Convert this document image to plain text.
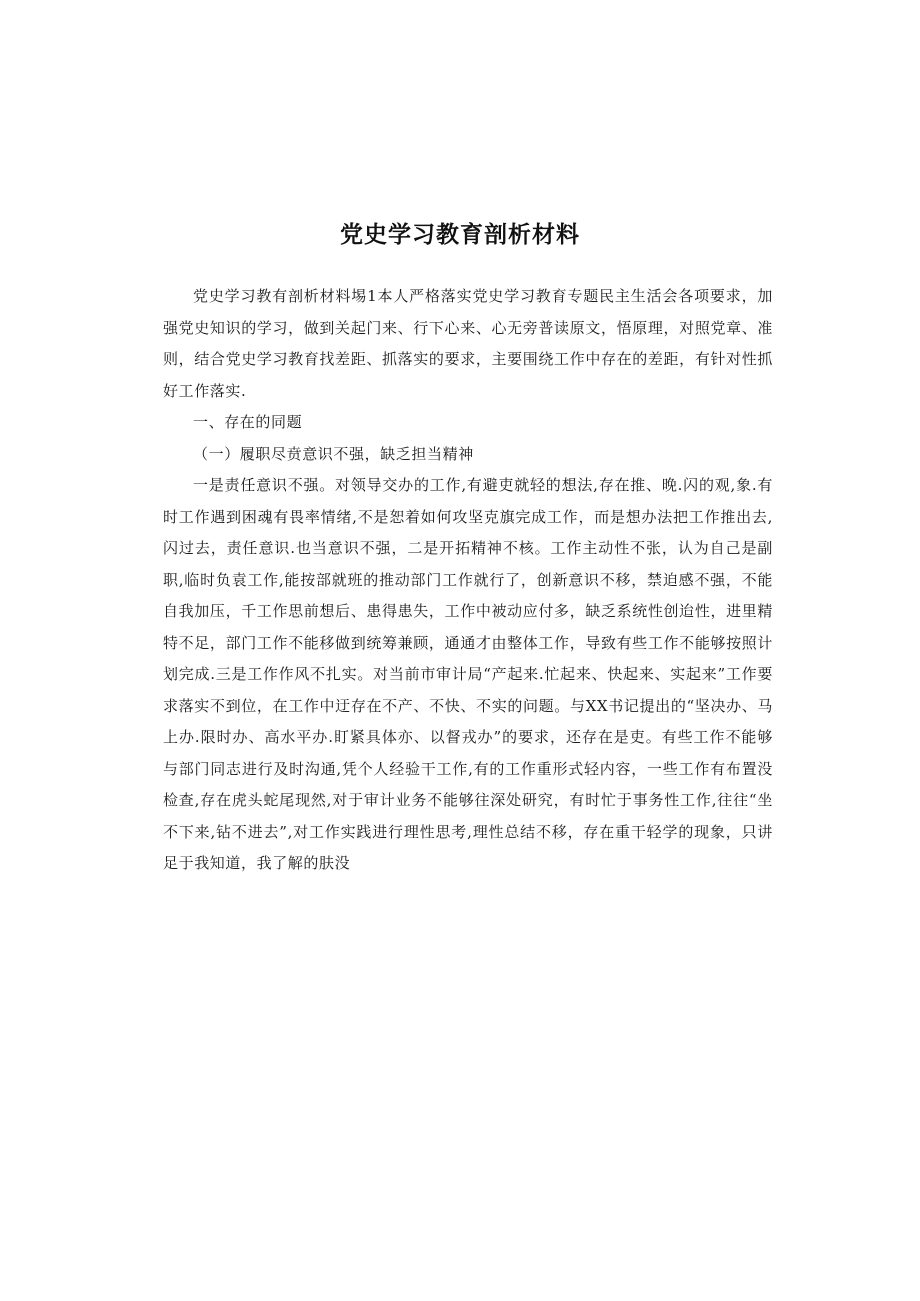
党史学习教育剖析材料

党史学习教有剖析材料埸1本人严格落实党史学习教育专题民主生活会各项要求，加强党史知识的学习，做到关起门来、行下心来、心无旁普读原文，悟原理，对照党章、准则，结合党史学习教育找差距、抓落实的要求，主要围绕工作中存在的差距，有针对性抓好工作落实.

一、存在的同题

（一）履职尽贲意识不强，缺乏担当精神

一是责任意识不强。对领导交办的工作,有避吏就轻的想法,存在推、晚.闪的观,象.有时工作遇到困魂有畏率情绪,不是恕着如何攻坚克旗完成工作，而是想办法把工作推出去,闪过去，责任意识.也当意识不强，二是开拓精神不核。工作主动性不张，认为自己是副职,临时负袁工作,能按部就班的推动部门工作就行了，创新意识不移，禁迫感不强，不能自我加压，千工作思前想后、患得患失，工作中被动应付多，缺乏系统性创迨性，进里精特不足，部门工作不能移做到统筹兼顾，通通才由整体工作，导致有些工作不能够按照计划完成.三是工作作风不扎实。对当前市审计局“产起来.忙起来、快起来、实起来”工作要求落实不到位，在工作中迂存在不产、不快、不实的问题。与XX书记提出的“坚决办、马上办.限时办、高水平办.盯紧具体亦、以督戎办”的要求，还存在是吏。有些工作不能够与部门同志进行及时沟通,凭个人经验干工作,有的工作重形式轻内容，一些工作有布置没检查,存在虎头蛇尾现然,对于审计业务不能够往深处研究，有时忙于事务性工作,往往“坐不下来,钻不进去”,对工作实践进行理性思考,理性总结不移，存在重干轻学的现象，只讲足于我知道，我了解的肤没
